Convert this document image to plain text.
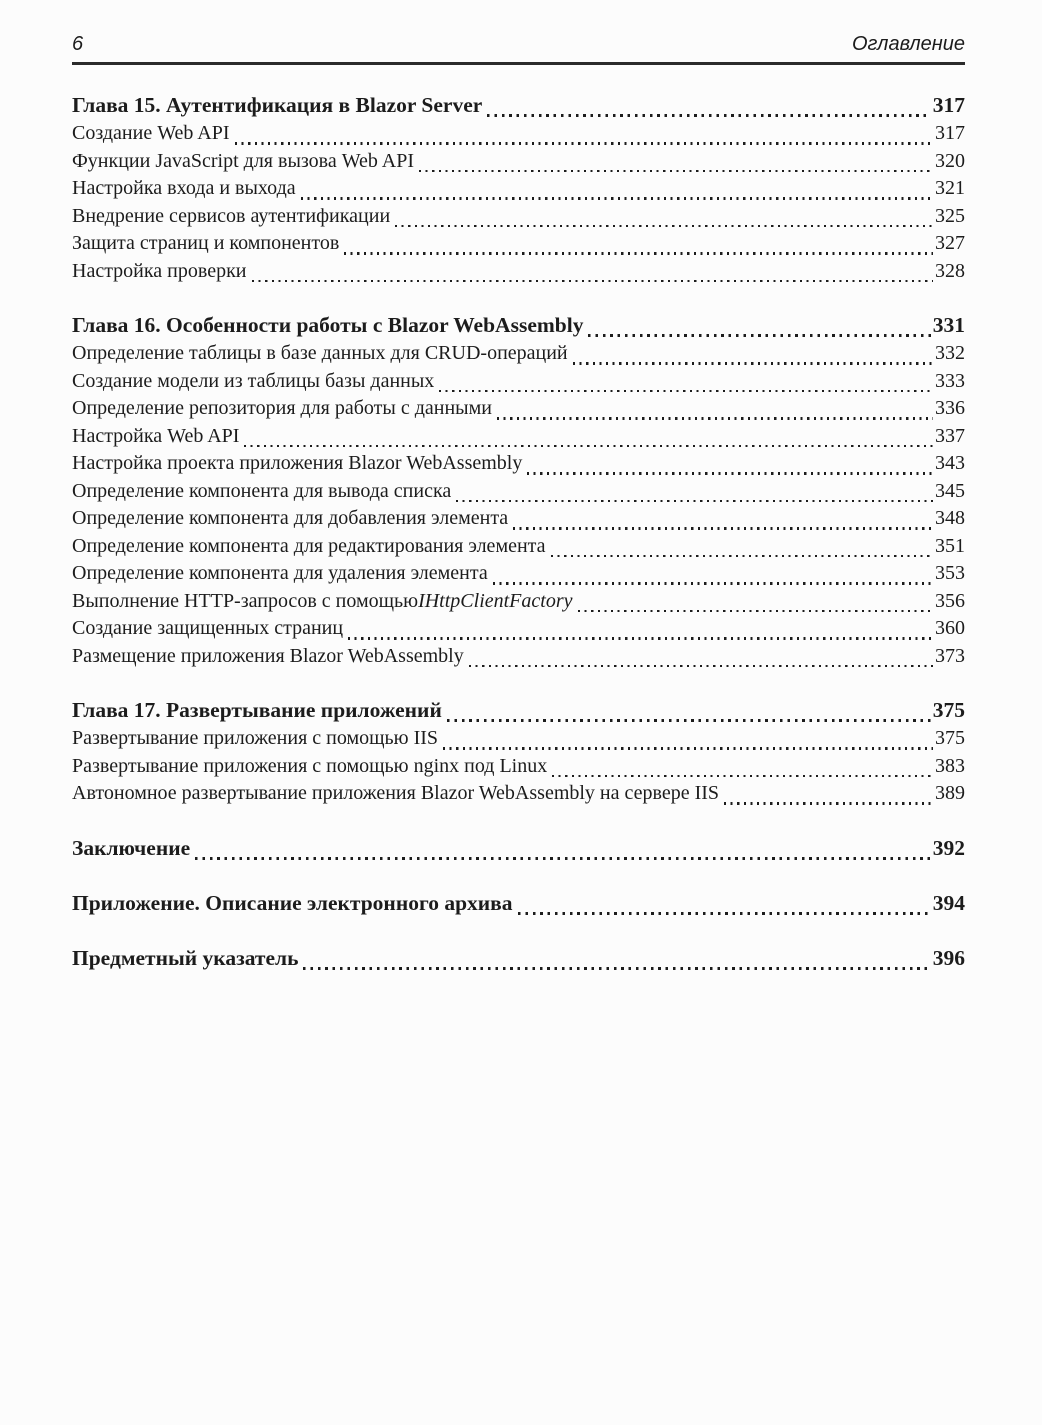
6	Оглавление
Глава 15. Аутентификация в Blazor Server	317
Создание Web API	317
Функции JavaScript для вызова Web API	320
Настройка входа и выхода	321
Внедрение сервисов аутентификации	325
Защита страниц и компонентов	327
Настройка проверки	328
Глава 16. Особенности работы с Blazor WebAssembly	331
Определение таблицы в базе данных для CRUD-операций	332
Создание модели из таблицы базы данных	333
Определение репозитория для работы с данными	336
Настройка Web API	337
Настройка проекта приложения Blazor WebAssembly	343
Определение компонента для вывода списка	345
Определение компонента для добавления элемента	348
Определение компонента для редактирования элемента	351
Определение компонента для удаления элемента	353
Выполнение HTTP-запросов с помощью IHttpClientFactory	356
Создание защищенных страниц	360
Размещение приложения Blazor WebAssembly	373
Глава 17. Развертывание приложений	375
Развертывание приложения с помощью IIS	375
Развертывание приложения с помощью nginx под Linux	383
Автономное развертывание приложения Blazor WebAssembly на сервере IIS	389
Заключение	392
Приложение. Описание электронного архива	394
Предметный указатель	396
